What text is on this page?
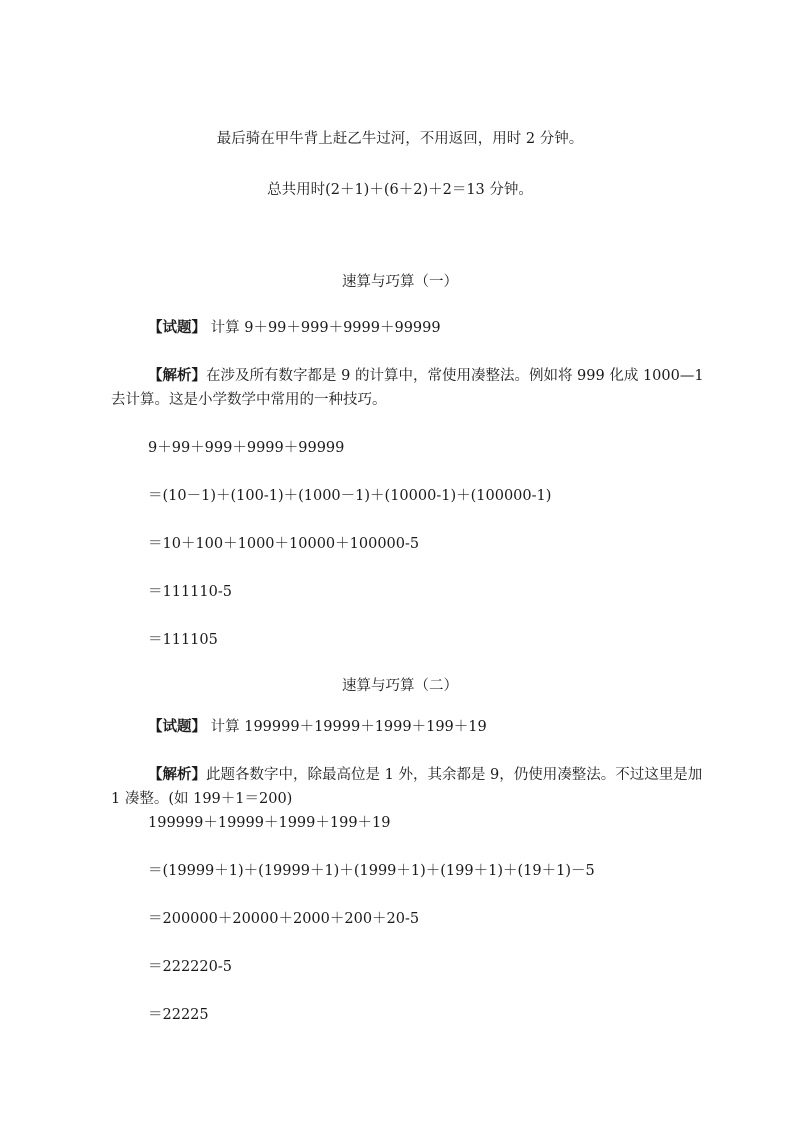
最后骑在甲牛背上赶乙牛过河，不用返回，用时 2 分钟。
总共用时(2＋1)＋(6＋2)＋2＝13 分钟。
速算与巧算（一）
【试题】 计算 9＋99＋999＋9999＋99999
【解析】在涉及所有数字都是 9 的计算中，常使用凑整法。例如将 999 化成 1000—1
去计算。这是小学数学中常用的一种技巧。
9＋99＋999＋9999＋99999
＝(10－1)＋(100-1)＋(1000－1)＋(10000-1)＋(100000-1)
＝10＋100＋1000＋10000＋100000-5
＝111110-5
＝111105
速算与巧算（二）
【试题】 计算 199999＋19999＋1999＋199＋19
【解析】此题各数字中，除最高位是 1 外，其余都是 9，仍使用凑整法。不过这里是加
1 凑整。(如 199＋1＝200)
199999＋19999＋1999＋199＋19
＝(19999＋1)＋(19999＋1)＋(1999＋1)＋(199＋1)＋(19＋1)－5
＝200000＋20000＋2000＋200＋20-5
＝222220-5
＝22225
